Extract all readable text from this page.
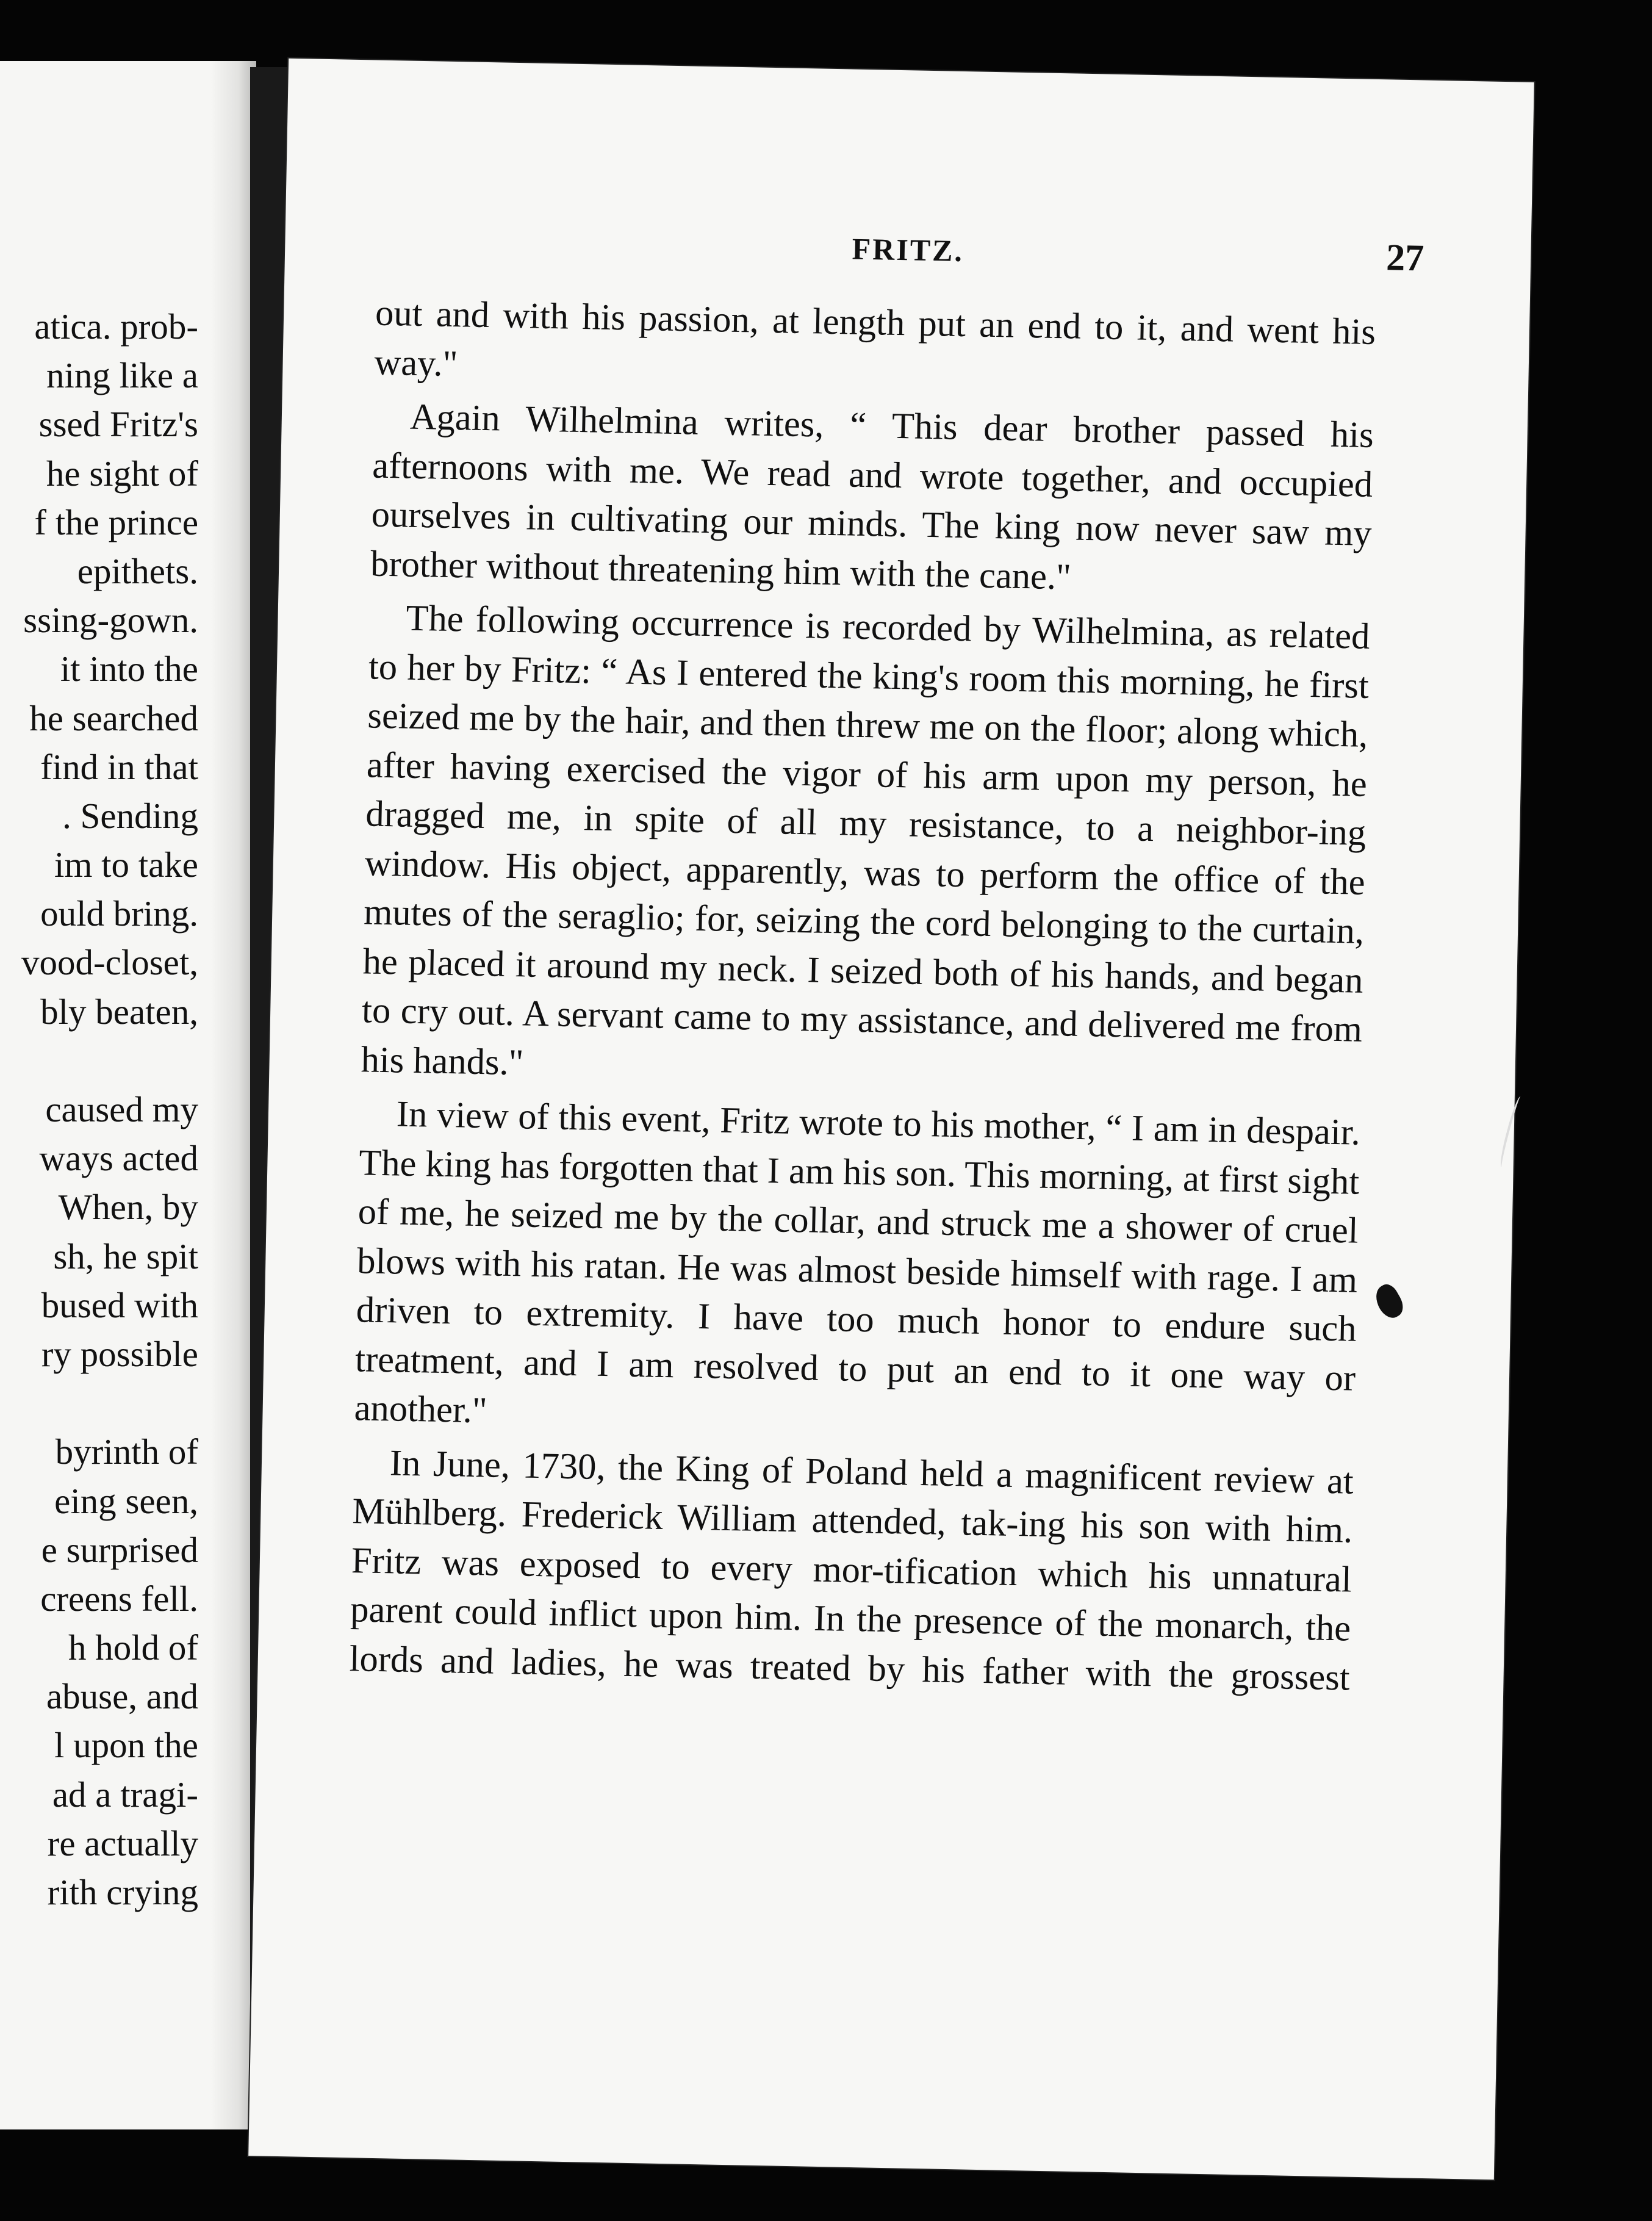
atica. prob-
ning like a
ssed Fritz's
he sight of
f the prince
epithets.
ssing-gown.
it into the
he searched
find in that
. Sending
im to take
ould bring.
vood-closet,
bly beaten,
caused my
ways acted
When, by
sh, he spit
bused with
ry possible
byrinth of
eing seen,
e surprised
creens fell.
h hold of
abuse, and
l upon the
ad a tragi-
re actually
rith crying
FRITZ.	27

out and with his passion, at length put an end to it, and went his way."

Again Wilhelmina writes, “ This dear brother passed his afternoons with me. We read and wrote together, and occupied ourselves in cultivating our minds. The king now never saw my brother without threatening him with the cane."

The following occurrence is recorded by Wilhelmina, as related to her by Fritz: “ As I entered the king's room this morning, he first seized me by the hair, and then threw me on the floor; along which, after having exercised the vigor of his arm upon my person, he dragged me, in spite of all my resistance, to a neighbor-ing window. His object, apparently, was to perform the office of the mutes of the seraglio; for, seizing the cord belonging to the curtain, he placed it around my neck. I seized both of his hands, and began to cry out. A servant came to my assistance, and delivered me from his hands."

In view of this event, Fritz wrote to his mother, “ I am in despair. The king has forgotten that I am his son. This morning, at first sight of me, he seized me by the collar, and struck me a shower of cruel blows with his ratan. He was almost beside himself with rage. I am driven to extremity. I have too much honor to endure such treatment, and I am resolved to put an end to it one way or another."

In June, 1730, the King of Poland held a magnificent review at Mühlberg. Frederick William attended, tak-ing his son with him. Fritz was exposed to every mor-tification which his unnatural parent could inflict upon him. In the presence of the monarch, the lords and ladies, he was treated by his father with the grossest
